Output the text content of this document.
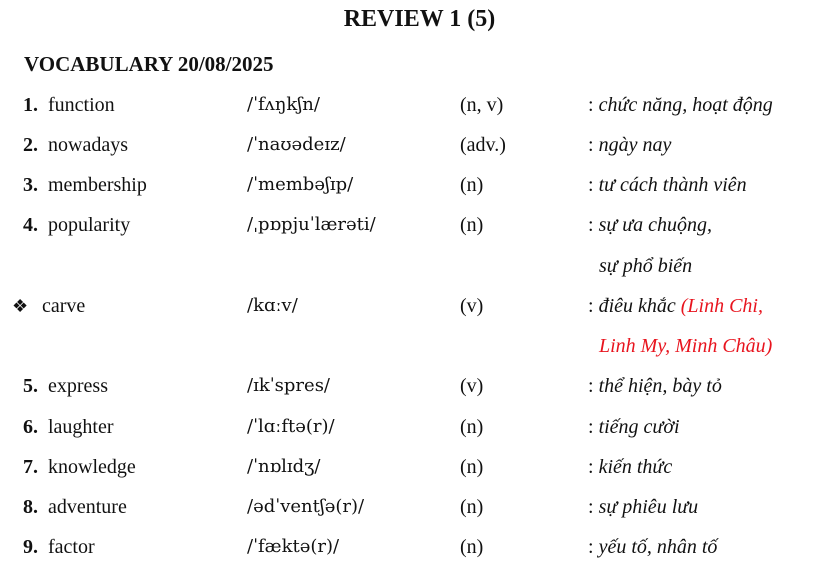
REVIEW 1 (5)
VOCABULARY 20/08/2025
1. function	/ˈfʌŋkʃn/	(n, v)	: chức năng, hoạt động
2. nowadays	/ˈnaʊədeɪz/	(adv.)	: ngày nay
3. membership	/ˈmembəʃɪp/	(n)	: tư cách thành viên
4. popularity	/ˌpɒpjuˈlærəti/	(n)	: sự ưa chuộng,
sự phổ biến
❖ carve	/kɑːv/	(v)	: điêu khắc (Linh Chi,
Linh My, Minh Châu)
5. express	/ɪkˈspres/	(v)	: thể hiện, bày tỏ
6. laughter	/ˈlɑːftə(r)/	(n)	: tiếng cười
7. knowledge	/ˈnɒlɪdʒ/	(n)	: kiến thức
8. adventure	/ədˈventʃə(r)/	(n)	: sự phiêu lưu
9. factor	/ˈfæktə(r)/	(n)	: yếu tố, nhân tố
